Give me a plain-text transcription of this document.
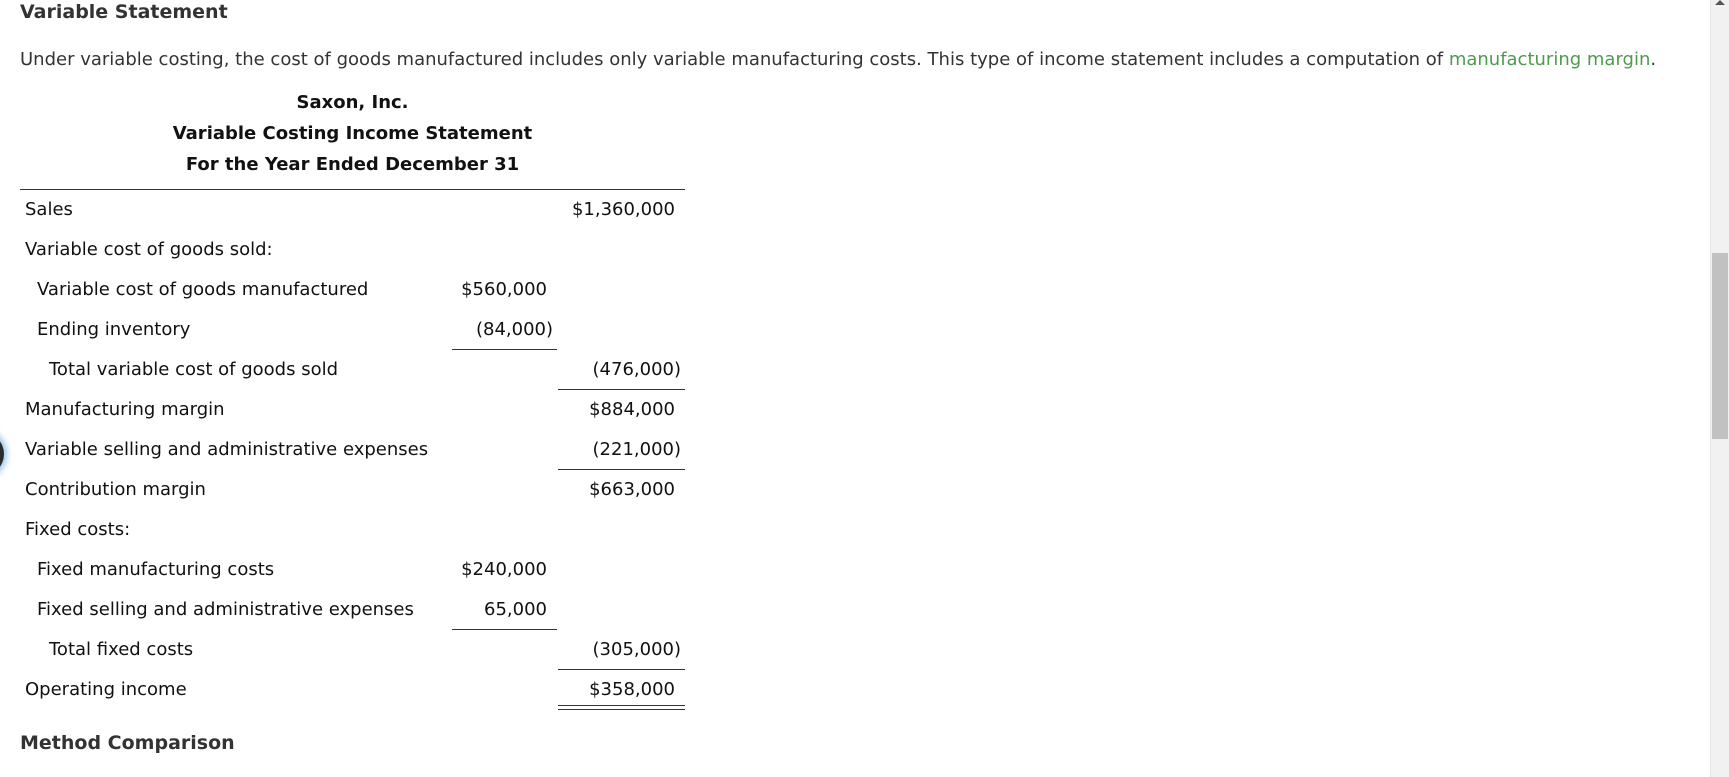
Variable Statement
Under variable costing, the cost of goods manufactured includes only variable manufacturing costs. This type of income statement includes a computation of manufacturing margin.
Saxon, Inc.
Variable Costing Income Statement
For the Year Ended December 31
Sales	$1,360,000
Variable cost of goods sold:
Variable cost of goods manufactured	$560,000
Ending inventory	(84,000)
Total variable cost of goods sold	(476,000)
Manufacturing margin	$884,000
Variable selling and administrative expenses	(221,000)
Contribution margin	$663,000
Fixed costs:
Fixed manufacturing costs	$240,000
Fixed selling and administrative expenses	65,000
Total fixed costs	(305,000)
Operating income	$358,000
Method Comparison
